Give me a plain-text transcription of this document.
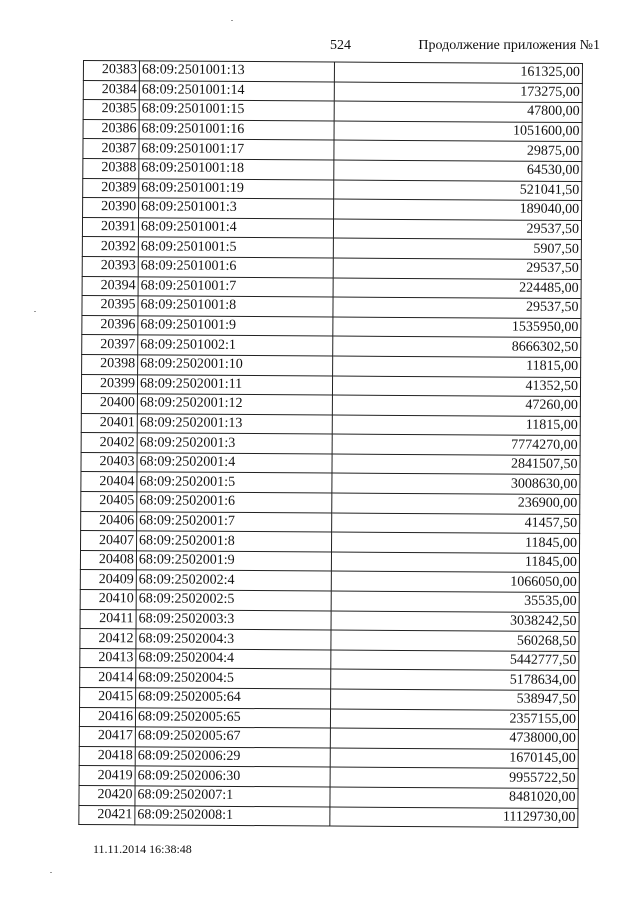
524	Продолжение приложения №1
20383	68:09:2501001:13	161325,00
20384	68:09:2501001:14	173275,00
20385	68:09:2501001:15	47800,00
20386	68:09:2501001:16	1051600,00
20387	68:09:2501001:17	29875,00
20388	68:09:2501001:18	64530,00
20389	68:09:2501001:19	521041,50
20390	68:09:2501001:3	189040,00
20391	68:09:2501001:4	29537,50
20392	68:09:2501001:5	5907,50
20393	68:09:2501001:6	29537,50
20394	68:09:2501001:7	224485,00
20395	68:09:2501001:8	29537,50
20396	68:09:2501001:9	1535950,00
20397	68:09:2501002:1	8666302,50
20398	68:09:2502001:10	11815,00
20399	68:09:2502001:11	41352,50
20400	68:09:2502001:12	47260,00
20401	68:09:2502001:13	11815,00
20402	68:09:2502001:3	7774270,00
20403	68:09:2502001:4	2841507,50
20404	68:09:2502001:5	3008630,00
20405	68:09:2502001:6	236900,00
20406	68:09:2502001:7	41457,50
20407	68:09:2502001:8	11845,00
20408	68:09:2502001:9	11845,00
20409	68:09:2502002:4	1066050,00
20410	68:09:2502002:5	35535,00
20411	68:09:2502003:3	3038242,50
20412	68:09:2502004:3	560268,50
20413	68:09:2502004:4	5442777,50
20414	68:09:2502004:5	5178634,00
20415	68:09:2502005:64	538947,50
20416	68:09:2502005:65	2357155,00
20417	68:09:2502005:67	4738000,00
20418	68:09:2502006:29	1670145,00
20419	68:09:2502006:30	9955722,50
20420	68:09:2502007:1	8481020,00
20421	68:09:2502008:1	11129730,00
11.11.2014 16:38:48
